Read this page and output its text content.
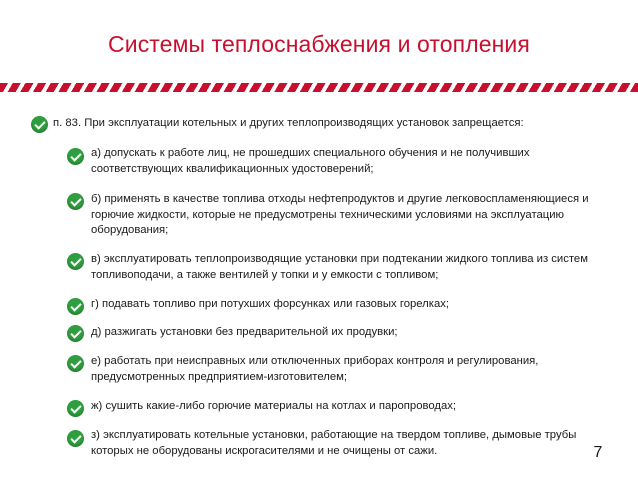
Системы теплоснабжения и отопления
п. 83. При эксплуатации котельных и других теплопроизводящих установок запрещается:
а) допускать к работе лиц, не прошедших специального обучения и не получивших соответствующих квалификационных удостоверений;
б) применять в качестве топлива отходы нефтепродуктов и другие легковоспламеняющиеся и горючие жидкости, которые не предусмотрены техническими условиями на эксплуатацию оборудования;
в) эксплуатировать теплопроизводящие установки при подтекании жидкого топлива из систем топливоподачи, а также вентилей у топки и у емкости с топливом;
г) подавать топливо при потухших форсунках или газовых горелках;
д) разжигать установки без предварительной их продувки;
е) работать при неисправных или отключенных приборах контроля и регулирования, предусмотренных предприятием-изготовителем;
ж) сушить какие-либо горючие материалы на котлах и паропроводах;
з) эксплуатировать котельные установки, работающие на твердом топливе, дымовые трубы которых не оборудованы искрогасителями и не очищены от сажи.	7
